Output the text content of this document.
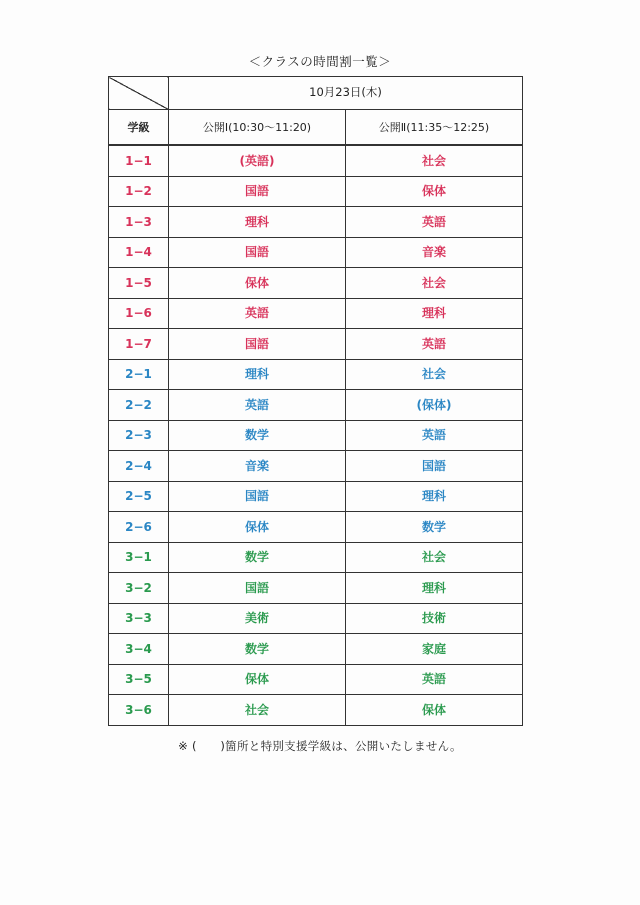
＜クラスの時間割一覧＞
	10月23日(木)	
学級	公開Ⅰ(10:30～11:20)	公開Ⅱ(11:35～12:25)
1−1	(英語)	社会
1−2	国語	保体
1−3	理科	英語
1−4	国語	音楽
1−5	保体	社会
1−6	英語	理科
1−7	国語	英語
2−1	理科	社会
2−2	英語	(保体)
2−3	数学	英語
2−4	音楽	国語
2−5	国語	理科
2−6	保体	数学
3−1	数学	社会
3−2	国語	理科
3−3	美術	技術
3−4	数学	家庭
3−5	保体	英語
3−6	社会	保体
※ (　　)箇所と特別支援学級は、公開いたしません。
